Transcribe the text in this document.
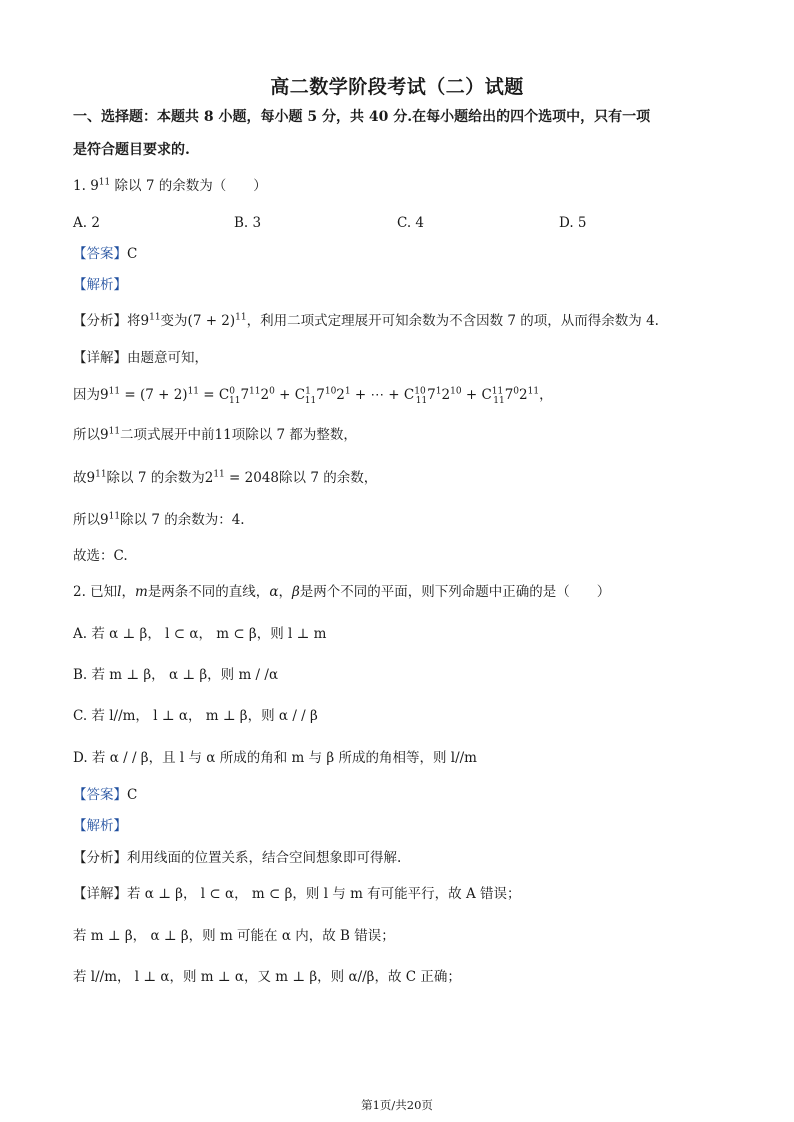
高二数学阶段考试（二）试题
一、选择题：本题共 8 小题，每小题 5 分，共 40 分.在每小题给出的四个选项中，只有一项
是符合题目要求的.
1. $9^{11}$ 除以 7 的余数为（　　）
A. 2	B. 3	C. 4	D. 5
【答案】C
【解析】
【分析】将$9^{11}$变为$(7 + 2)^{11}$，利用二项式定理展开可知余数为不含因数 7 的项，从而得余数为 4.
【详解】由题意可知，
因为$9^{11} = (7 + 2)^{11} = C^0_{11}7^{11}2^0 + C^1_{11}7^{10}2^1$ + ⋯ + $C^{10}_{11}7^12^{10} + C^{11}_{11}7^02^{11}$，
所以$9^{11}$二项式展开中前11项除以 7 都为整数，
故$9^{11}$除以 7 的余数为$2^{11} = 2048$除以 7 的余数，
所以$9^{11}$除以 7 的余数为：4.
故选：C.
2. 已知l，m是两条不同的直线，α，β是两个不同的平面，则下列命题中正确的是（　　）
A. 若 α ⊥ β， l ⊂ α， m ⊂ β，则 l ⊥ m
B. 若 m ⊥ β， α ⊥ β，则 m / /α
C. 若 l//m， l ⊥ α， m ⊥ β，则 α / / β
D. 若 α / / β，且 l 与 α 所成的角和 m 与 β 所成的角相等，则 l//m
【答案】C
【解析】
【分析】利用线面的位置关系，结合空间想象即可得解.
【详解】若 α ⊥ β， l ⊂ α， m ⊂ β，则 l 与 m 有可能平行，故 A 错误；
若 m ⊥ β， α ⊥ β，则 m 可能在 α 内，故 B 错误；
若 l//m， l ⊥ α，则 m ⊥ α，又 m ⊥ β，则 α//β，故 C 正确；
第1页/共20页
